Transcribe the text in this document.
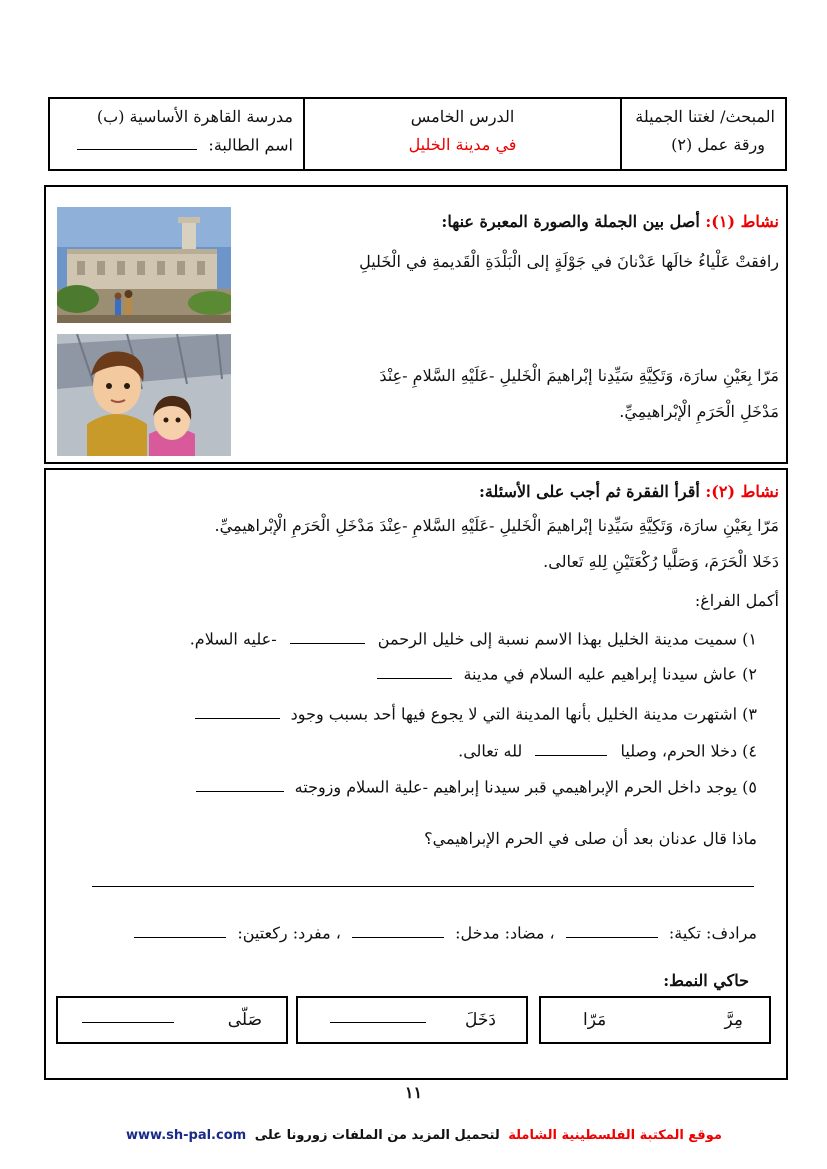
المبحث/ لغتنا الجميلة
ورقة عمل (٢)
الدرس الخامس
في مدينة الخليل
مدرسة القاهرة الأساسية (ب)
اسم الطالبة:
نشاط (١): أصل بين الجملة والصورة المعبرة عنها:
رافقتْ عَلْياءُ خالَها عَدْنانَ في جَوْلَةٍ إلى الْبَلْدَةِ الْقَديمةِ في الْخَليلِ
مَرّا بِعَيْنِ سارَة، وَتَكِيَّةِ سَيِّدِنا إبْراهيمَ الْخَليلِ -عَلَيْهِ السَّلامِ -عِنْدَ
مَدْخَلِ الْحَرَمِ الْإبْراهيمِيِّ.
نشاط (٢): أقرأ الفقرة ثم أجب على الأسئلة:
مَرّا بِعَيْنِ سارَة، وَتَكِيَّةِ سَيِّدِنا إبْراهيمَ الْخَليلِ -عَلَيْهِ السَّلامِ -عِنْدَ مَدْخَلِ الْحَرَمِ الْإبْراهيمِيِّ.
دَخَلا الْحَرَمَ، وَصَلَّيا رُكْعَتَيْنِ لِلهِ تَعالى.
أكمل الفراغ:
١) سميت مدينة الخليل بهذا الاسم نسبة إلى خليل الرحمن  -عليه السلام.
٢) عاش سيدنا إبراهيم عليه السلام في مدينة
٣) اشتهرت مدينة الخليل بأنها المدينة التي لا يجوع فيها أحد بسبب وجود
٤) دخلا الحرم، وصليا  لله تعالى.
٥) يوجد داخل الحرم الإبراهيمي قبر سيدنا إبراهيم -علية السلام وزوجته
ماذا قال عدنان بعد أن صلى في الحرم الإبراهيمي؟
مرادف: تكية:  ، مضاد: مدخل:  ، مفرد: ركعتين:
حاكي النمط:
مِرَّ
مَرّا
دَخَلَ
صَلّى
١١
www.sh-pal.com	موقع المكتبة الفلسطينية الشاملة لتحميل المزيد من الملفات زورونا على
